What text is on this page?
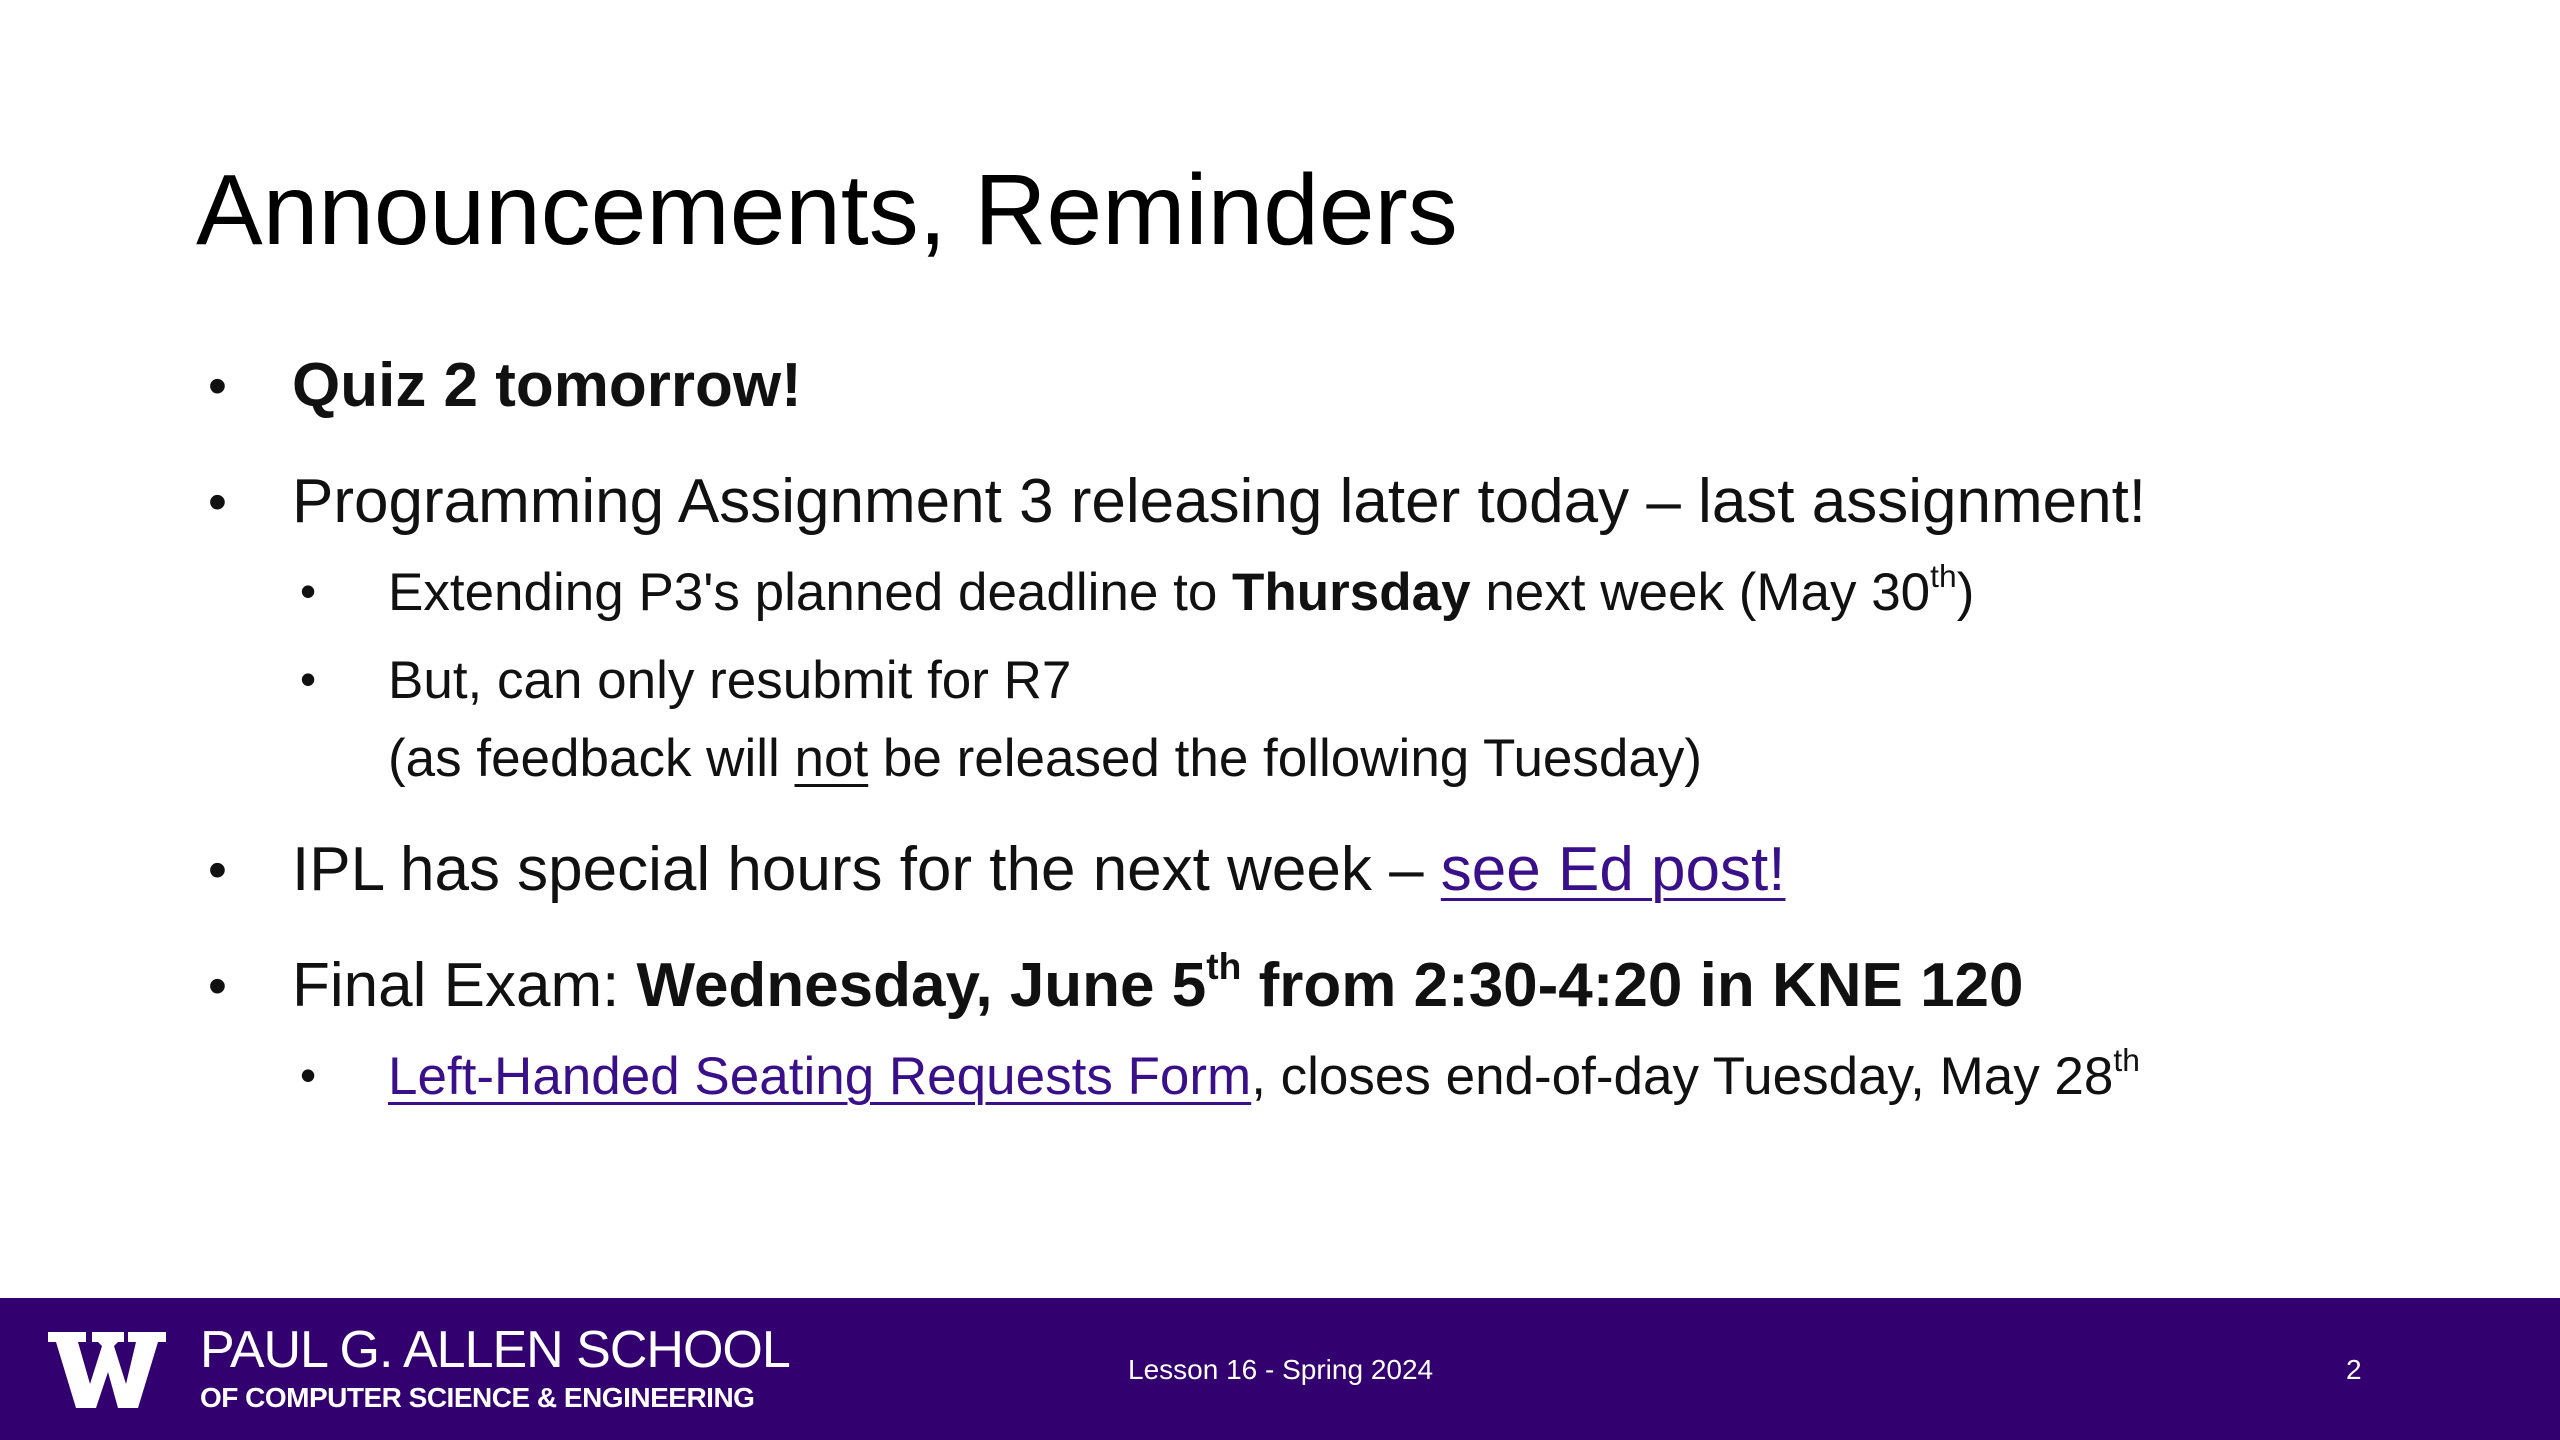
Announcements, Reminders
• Quiz 2 tomorrow!
• Programming Assignment 3 releasing later today – last assignment!
• Extending P3's planned deadline to Thursday next week (May 30th)
• But, can only resubmit for R7
(as feedback will not be released the following Tuesday)
• IPL has special hours for the next week – see Ed post!
• Final Exam: Wednesday, June 5th from 2:30-4:20 in KNE 120
• Left-Handed Seating Requests Form, closes end-of-day Tuesday, May 28th
PAUL G. ALLEN SCHOOL
OF COMPUTER SCIENCE & ENGINEERING
Lesson 16 - Spring 2024	2
